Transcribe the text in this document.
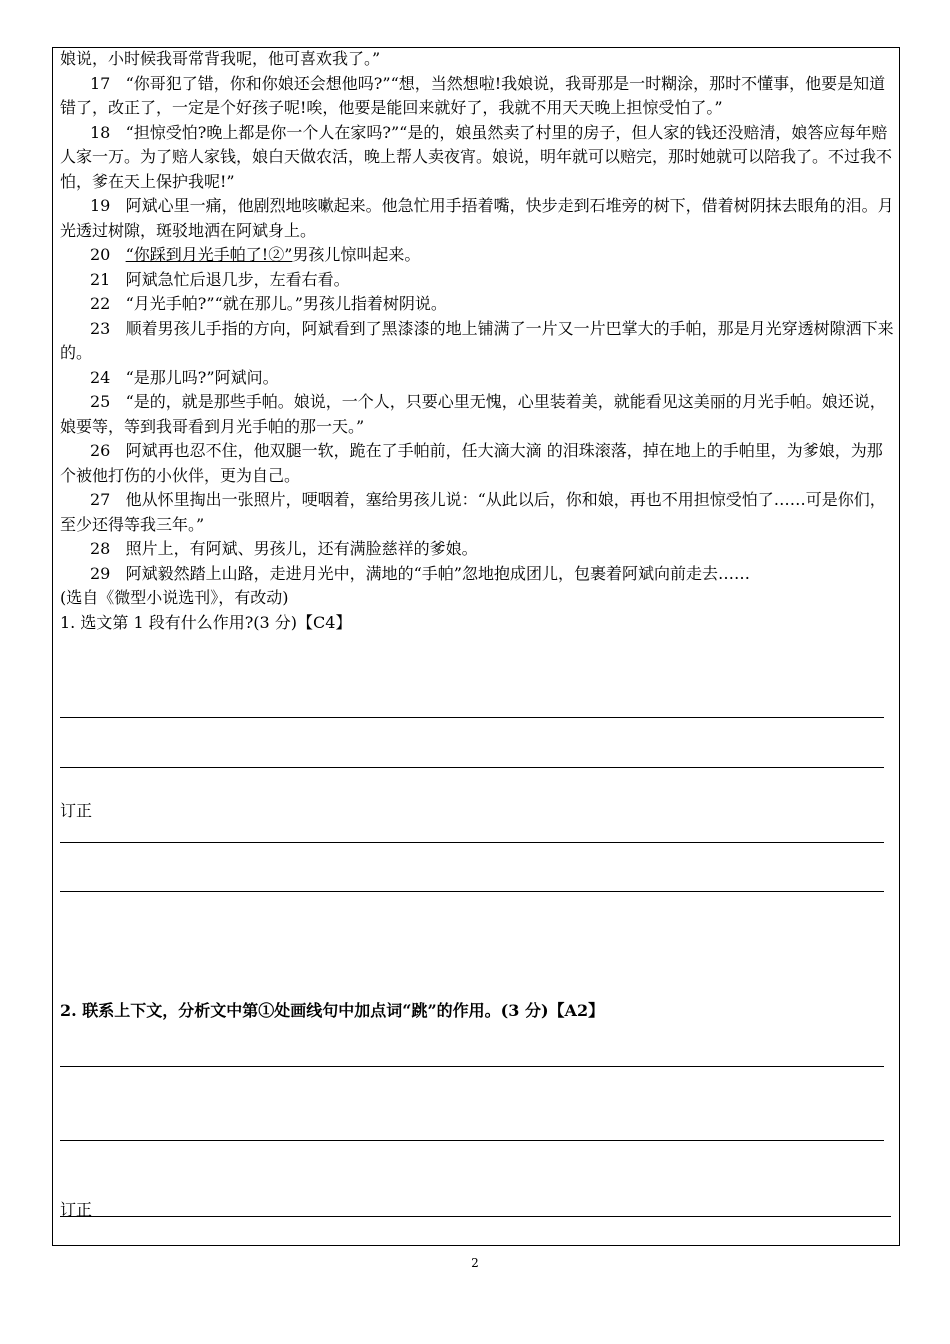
娘说，小时候我哥常背我呢，他可喜欢我了。”

17 “你哥犯了错，你和你娘还会想他吗?”“想，当然想啦!我娘说，我哥那是一时糊涂，那时不懂事，他要是知道错了，改正了，一定是个好孩子呢!唉，他要是能回来就好了，我就不用天天晚上担惊受怕了。”

18 “担惊受怕?晚上都是你一个人在家吗?”“是的，娘虽然卖了村里的房子，但人家的钱还没赔清，娘答应每年赔人家一万。为了赔人家钱，娘白天做农活，晚上帮人卖夜宵。娘说，明年就可以赔完，那时她就可以陪我了。不过我不怕，爹在天上保护我呢!”

19 阿斌心里一痛，他剧烈地咳嗽起来。他急忙用手捂着嘴，快步走到石堆旁的树下，借着树阴抹去眼角的泪。月光透过树隙，斑驳地洒在阿斌身上。

20 “你踩到月光手帕了!②”男孩儿惊叫起来。

21 阿斌急忙后退几步，左看右看。

22 “月光手帕?”“就在那儿。”男孩儿指着树阴说。

23 顺着男孩儿手指的方向，阿斌看到了黑漆漆的地上铺满了一片又一片巴掌大的手帕，那是月光穿透树隙洒下来的。

24 “是那儿吗?”阿斌问。

25 “是的，就是那些手帕。娘说，一个人，只要心里无愧，心里装着美，就能看见这美丽的月光手帕。娘还说，娘要等，等到我哥看到月光手帕的那一天。”

26 阿斌再也忍不住，他双腿一软，跪在了手帕前，任大滴大滴 的泪珠滚落，掉在地上的手帕里，为爹娘，为那个被他打伤的小伙伴，更为自己。

27 他从怀里掏出一张照片，哽咽着，塞给男孩儿说：“从此以后，你和娘，再也不用担惊受怕了……可是你们，至少还得等我三年。”

28 照片上，有阿斌、男孩儿，还有满脸慈祥的爹娘。

29 阿斌毅然踏上山路，走进月光中，满地的“手帕”忽地抱成团儿，包裹着阿斌向前走去……

(选自《微型小说选刊》，有改动)

1. 选文第 1 段有什么作用?(3 分)【C4】

订正
2. 联系上下文，分析文中第①处画线句中加点词“跳”的作用。(3 分)【A2】
订正
2
